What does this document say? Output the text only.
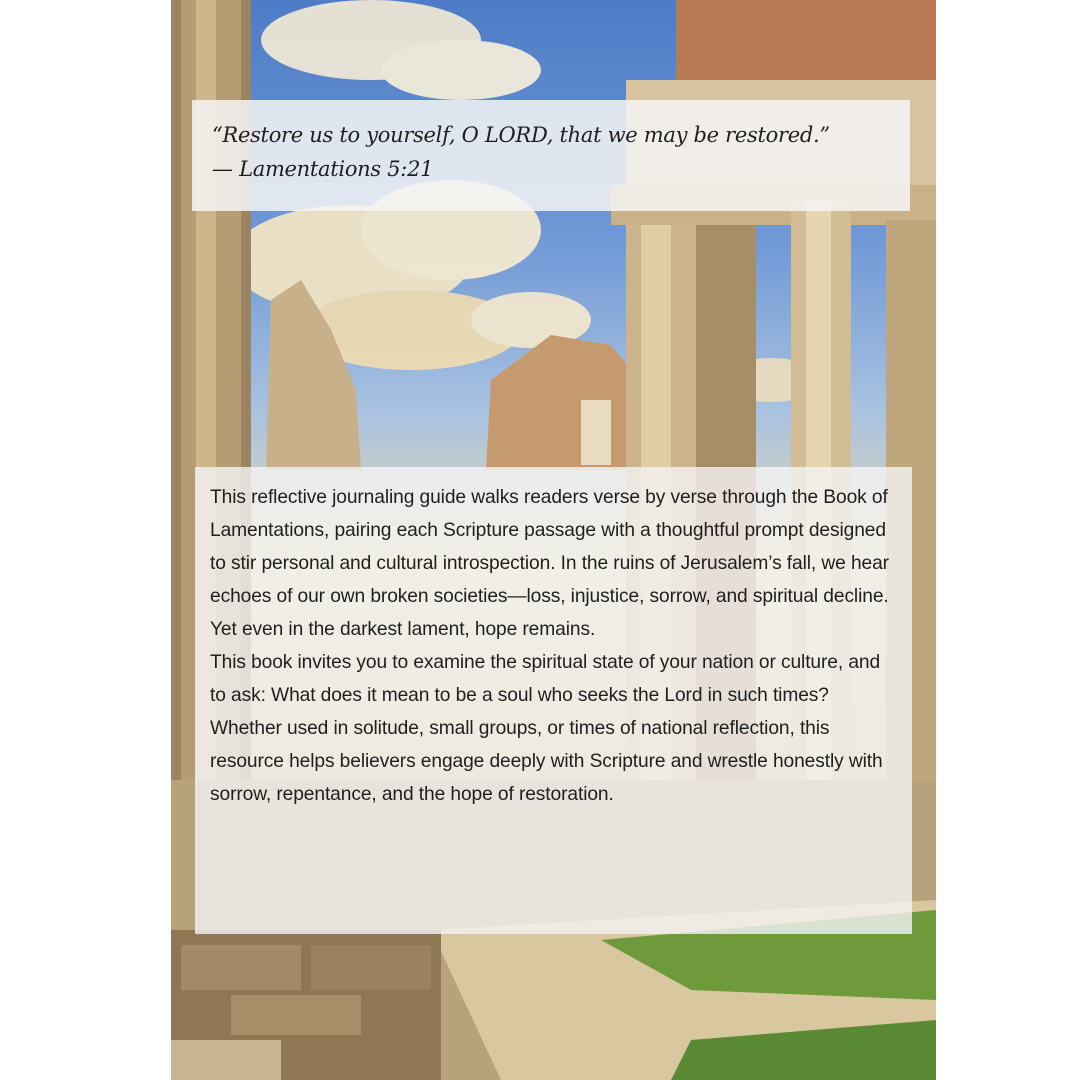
“Restore us to yourself, O LORD, that we may be restored.”
— Lamentations 5:21

This reflective journaling guide walks readers verse by verse through the Book of Lamentations, pairing each Scripture passage with a thoughtful prompt designed to stir personal and cultural introspection. In the ruins of Jerusalem’s fall, we hear echoes of our own broken societies—loss, injustice, sorrow, and spiritual decline. Yet even in the darkest lament, hope remains.

This book invites you to examine the spiritual state of your nation or culture, and to ask: What does it mean to be a soul who seeks the Lord in such times?

Whether used in solitude, small groups, or times of national reflection, this resource helps believers engage deeply with Scripture and wrestle honestly with sorrow, repentance, and the hope of restoration.
